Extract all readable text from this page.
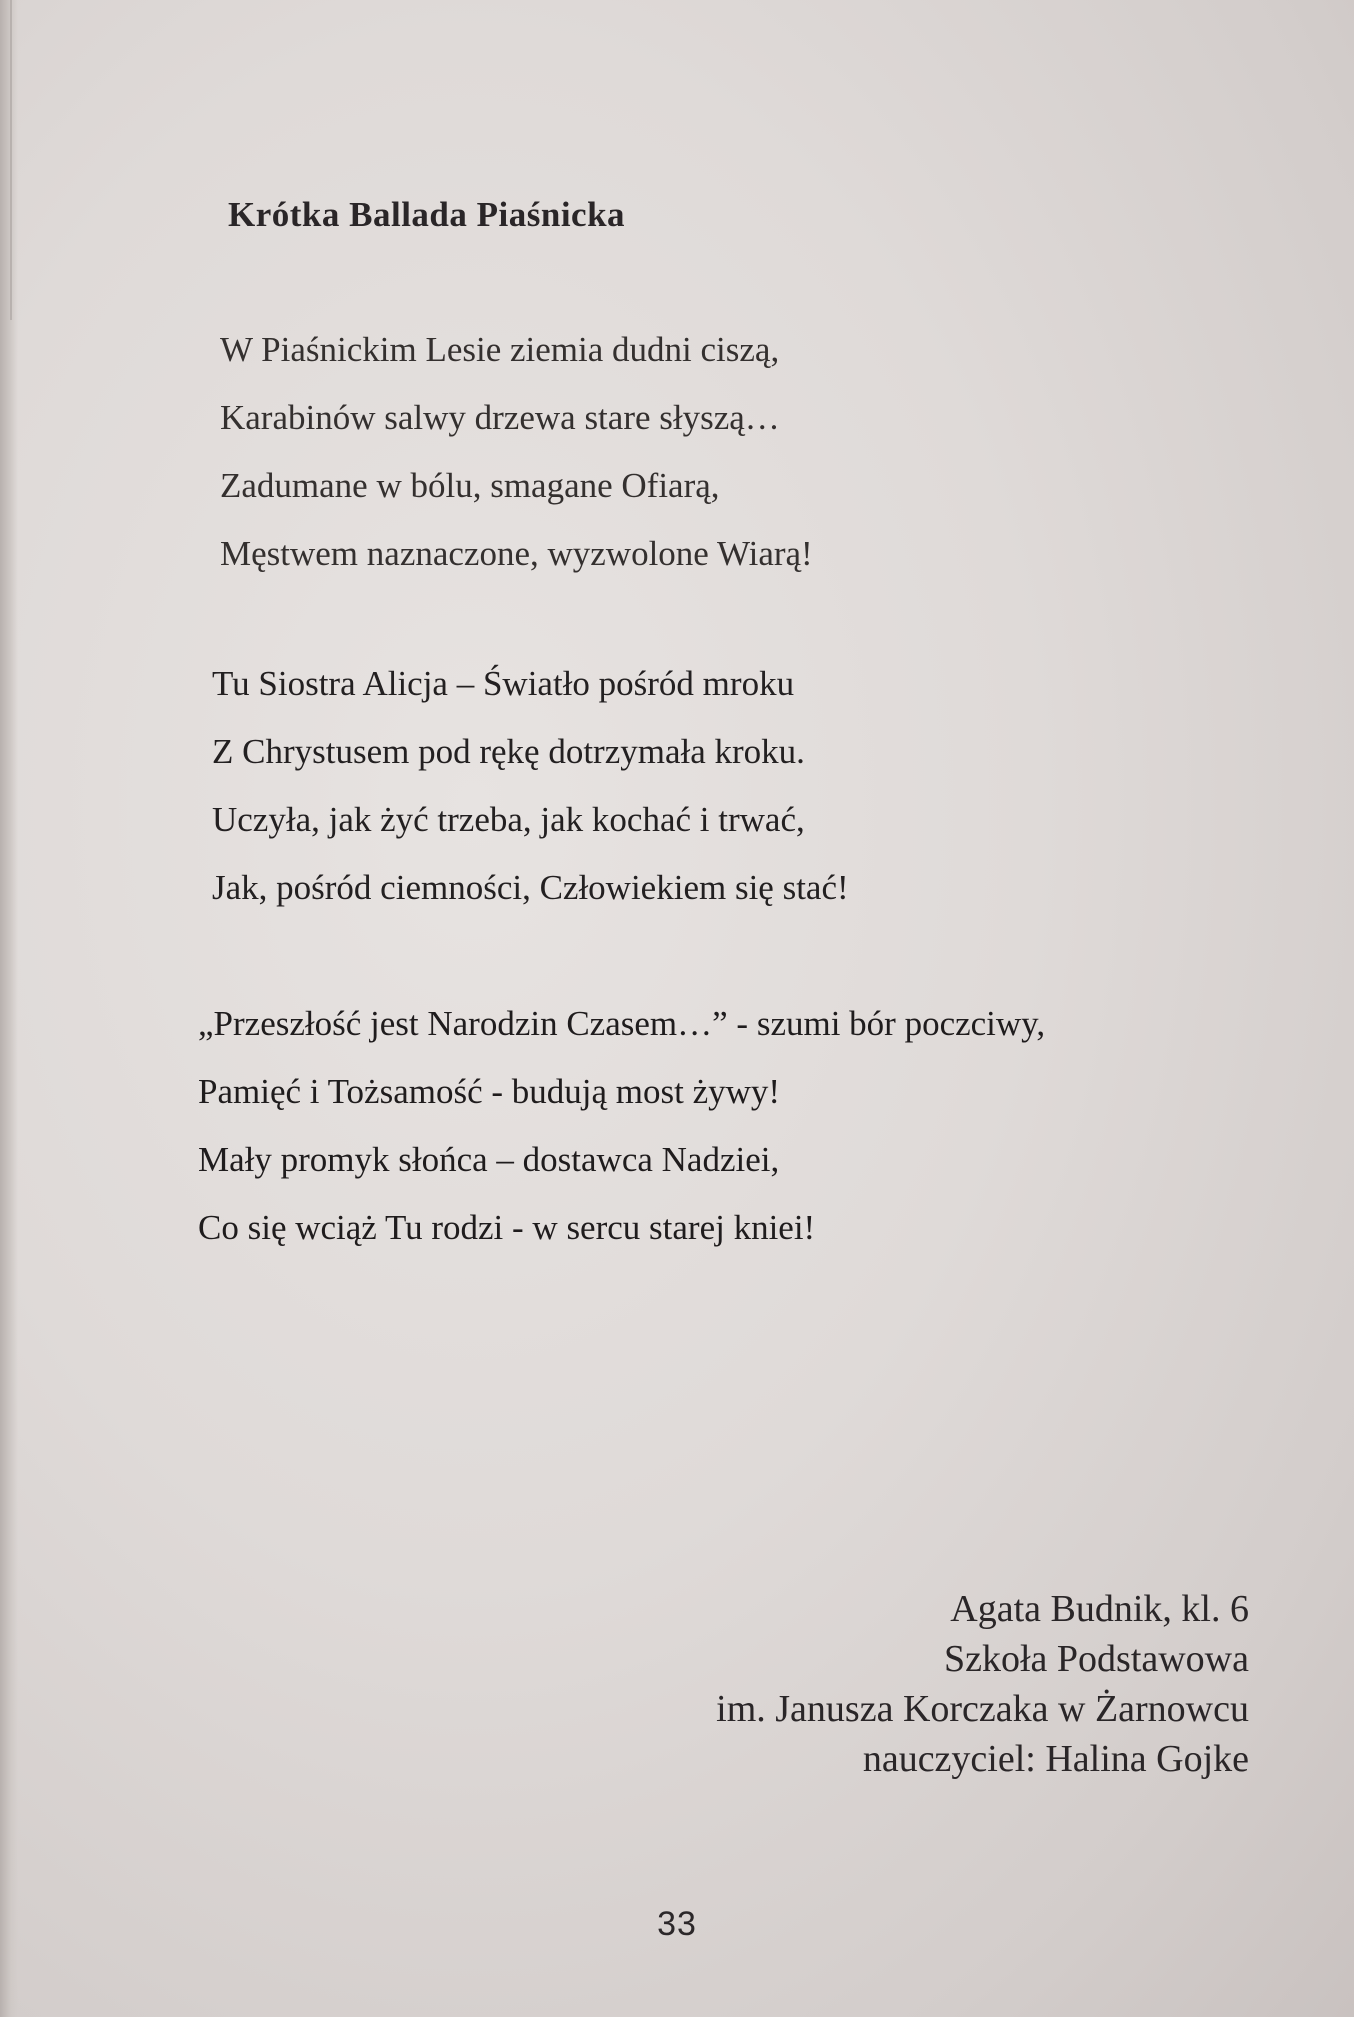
Krótka Ballada Piaśnicka
W Piaśnickim Lesie ziemia dudni ciszą,
Karabinów salwy drzewa stare słyszą…
Zadumane w bólu, smagane Ofiarą,
Męstwem naznaczone, wyzwolone Wiarą!
Tu Siostra Alicja – Światło pośród mroku
Z Chrystusem pod rękę dotrzymała kroku.
Uczyła, jak żyć trzeba, jak kochać i trwać,
Jak, pośród ciemności, Człowiekiem się stać!
„Przeszłość jest Narodzin Czasem…” - szumi bór poczciwy,
Pamięć i Tożsamość - budują most żywy!
Mały promyk słońca – dostawca Nadziei,
Co się wciąż Tu rodzi - w sercu starej kniei!
Agata Budnik, kl. 6
Szkoła Podstawowa
im. Janusza Korczaka w Żarnowcu
nauczyciel: Halina Gojke
33
